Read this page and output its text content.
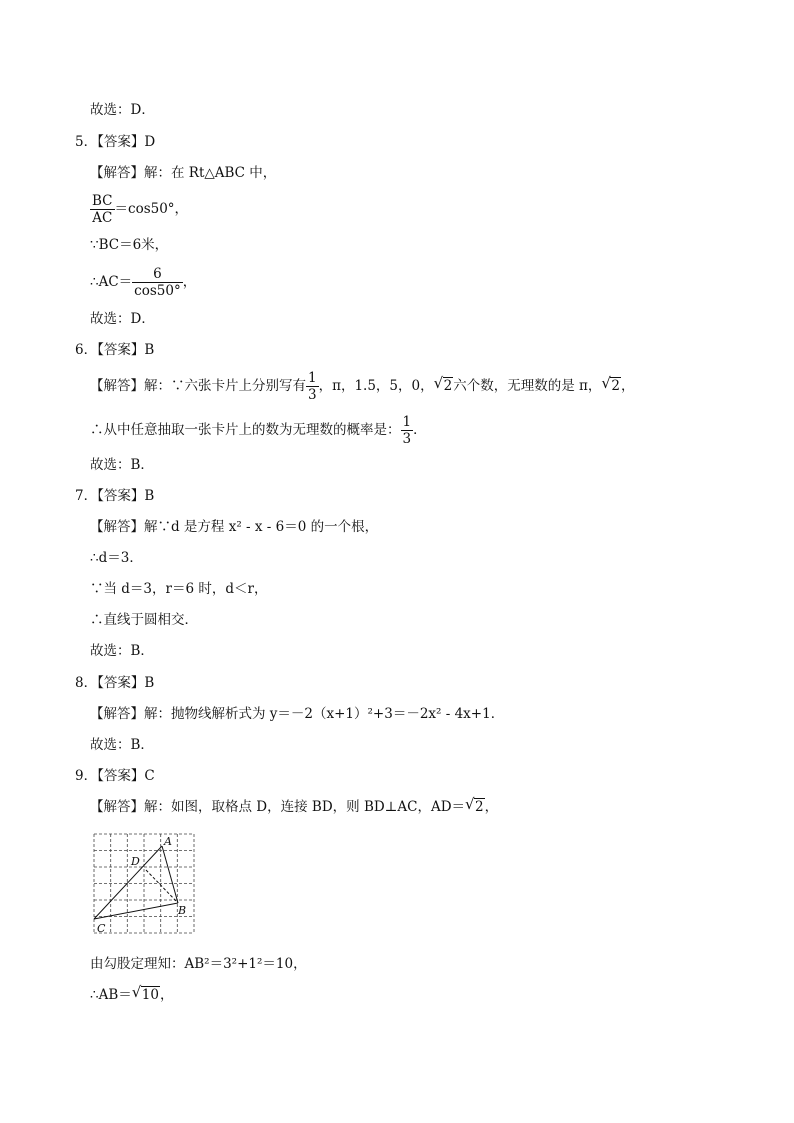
故选：D．
5．【答案】D
【解答】解：在 Rt△ABC 中，
$\frac{BC}{AC} =\cos 50^\circ$，
∵BC＝6米，
∴AC＝ $\frac{6}{\cos 50^\circ}$ ，
故选：D．
6．【答案】B
【解答】解：∵六张卡片上分别写有 $\frac{1}{3}$ ，π，1.5，5，0， √ 2六个数，无理数的是 π， √ 2，
∴从中任意抽取一张卡片上的数为无理数的概率是： $\frac{1}{3}$ ．
故选：B．
7．【答案】B
【解答】解∵d 是方程 x² - x - 6＝0 的一个根，
∴d＝3．
∵当 d＝3，r＝6 时，d＜r，
∴直线于圆相交．
故选：B．
8．【答案】B
【解答】解：抛物线解析式为 y＝－2（x+1）²+3＝－2x² - 4x+1．
故选：B．
9．【答案】C
【解答】解：如图，取格点 D，连接 BD，则 BD⊥AC，AD＝ √ 2，
A
D
B
C
由勾股定理知：AB²＝3²+1²＝10，
∴AB＝ √ 10，
